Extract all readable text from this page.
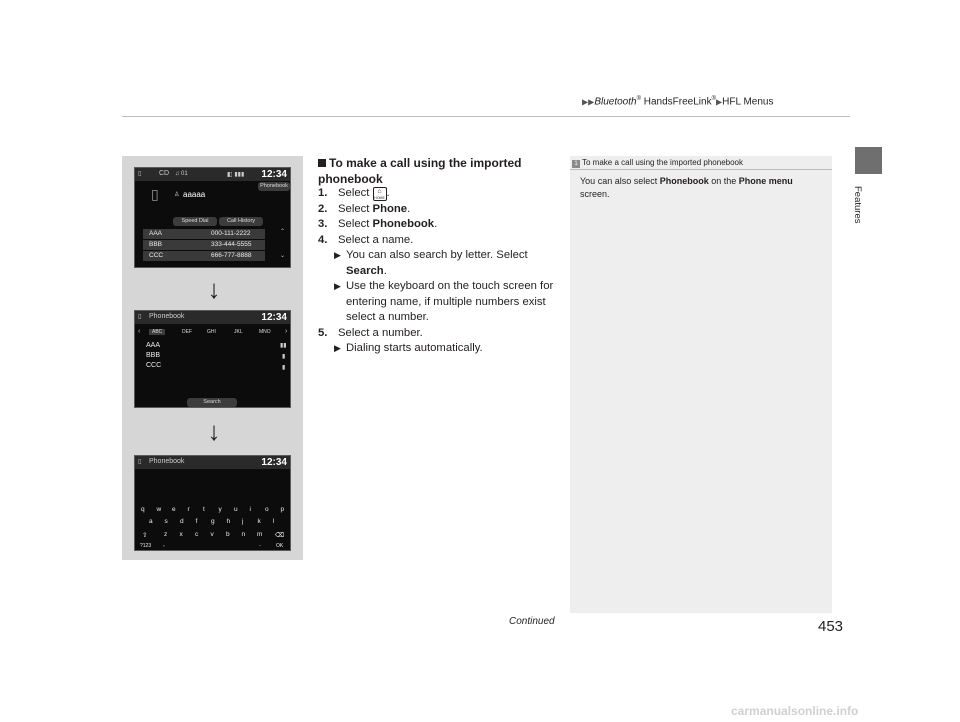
▶▶Bluetooth® HandsFreeLink®▶HFL Menus
Features
▯	CD ♫ 01	◧ ▮▮▮ 12:34
Phonebook
▯	♙ aaaaa
Speed Dial	Call History
AAA	000-111-2222
BBB	333-444-5555
CCC	666-777-8888
⌃
⌄
↓
▯ Phonebook	12:34
‹	ABC	DEF	GHI	JKL	MNO ›
AAA
BBB
CCC
▮▮
▮
▮
Search
↓
▯ Phonebook	12:34
q w e r t y u i o p
a s d f g h j k l
z x c v b n m
⇧	⌫
?123 ,	.	OK
To make a call using the imported phonebook
1. Select ⌂
HOME .
2. Select Phone.
3. Select Phonebook.
4. Select a name.
▶ You can also search by letter. Select Search.
▶ Use the keyboard on the touch screen for entering name, if multiple numbers exist select a number.
5. Select a number.
▶ Dialing starts automatically.
1 To make a call using the imported phonebook
You can also select Phonebook on the Phone menu screen.
Continued	453
carmanualsonline.info
